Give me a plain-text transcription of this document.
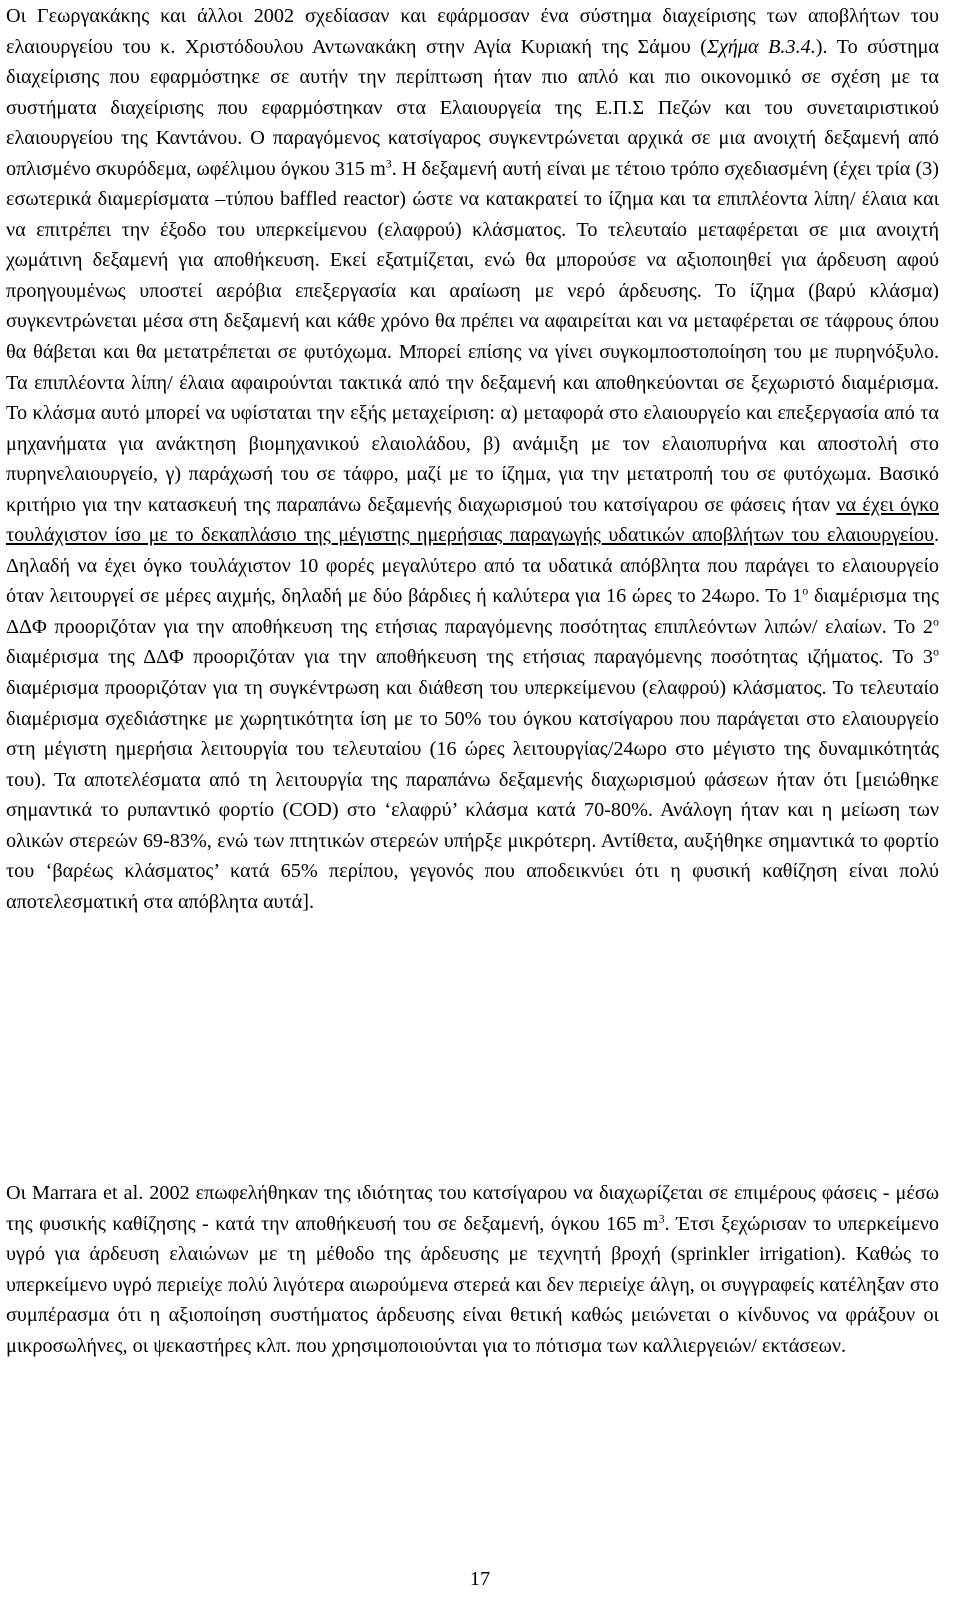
Οι Γεωργακάκης και άλλοι 2002 σχεδίασαν και εφάρμοσαν ένα σύστημα διαχείρισης των αποβλήτων του ελαιουργείου του κ. Χριστόδουλου Αντωνακάκη στην Αγία Κυριακή της Σάμου (Σχήμα Β.3.4.). Το σύστημα διαχείρισης που εφαρμόστηκε σε αυτήν την περίπτωση ήταν πιο απλό και πιο οικονομικό σε σχέση με τα συστήματα διαχείρισης που εφαρμόστηκαν στα Ελαιουργεία της Ε.Π.Σ Πεζών και του συνεταιριστικού ελαιουργείου της Καντάνου. Ο παραγόμενος κατσίγαρος συγκεντρώνεται αρχικά σε μια ανοιχτή δεξαμενή από οπλισμένο σκυρόδεμα, ωφέλιμου όγκου 315 $m^3$. Η δεξαμενή αυτή είναι με τέτοιο τρόπο σχεδιασμένη (έχει τρία (3) εσωτερικά διαμερίσματα –τύπου baffled reactor) ώστε να κατακρατεί το ίζημα και τα επιπλέοντα λίπη/ έλαια και να επιτρέπει την έξοδο του υπερκείμενου (ελαφρού) κλάσματος. Το τελευταίο μεταφέρεται σε μια ανοιχτή χωμάτινη δεξαμενή για αποθήκευση. Εκεί εξατμίζεται, ενώ θα μπορούσε να αξιοποιηθεί για άρδευση αφού προηγουμένως υποστεί αερόβια επεξεργασία και αραίωση με νερό άρδευσης. Το ίζημα (βαρύ κλάσμα) συγκεντρώνεται μέσα στη δεξαμενή και κάθε χρόνο θα πρέπει να αφαιρείται και να μεταφέρεται σε τάφρους όπου θα θάβεται και θα μετατρέπεται σε φυτόχωμα. Μπορεί επίσης να γίνει συγκομποστοποίηση του με πυρηνόξυλο. Τα επιπλέοντα λίπη/ έλαια αφαιρούνται τακτικά από την δεξαμενή και αποθηκεύονται σε ξεχωριστό διαμέρισμα. Το κλάσμα αυτό μπορεί να υφίσταται την εξής μεταχείριση: α) μεταφορά στο ελαιουργείο και επεξεργασία από τα μηχανήματα για ανάκτηση βιομηχανικού ελαιολάδου, β) ανάμιξη με τον ελαιοπυρήνα και αποστολή στο πυρηνελαιουργείο, γ) παράχωσή του σε τάφρο, μαζί με το ίζημα, για την μετατροπή του σε φυτόχωμα. Βασικό κριτήριο για την κατασκευή της παραπάνω δεξαμενής διαχωρισμού του κατσίγαρου σε φάσεις ήταν να έχει όγκο τουλάχιστον ίσο με το δεκαπλάσιο της μέγιστης ημερήσιας παραγωγής υδατικών αποβλήτων του ελαιουργείου. Δηλαδή να έχει όγκο τουλάχιστον 10 φορές μεγαλύτερο από τα υδατικά απόβλητα που παράγει το ελαιουργείο όταν λειτουργεί σε μέρες αιχμής, δηλαδή με δύο βάρδιες ή καλύτερα για 16 ώρες το 24ωρο. Το $1^o$ διαμέρισμα της ΔΔΦ προοριζόταν για την αποθήκευση της ετήσιας παραγόμενης ποσότητας επιπλεόντων λιπών/ ελαίων. Το $2^o$ διαμέρισμα της ΔΔΦ προοριζόταν για την αποθήκευση της ετήσιας παραγόμενης ποσότητας ιζήματος. Το $3^o$ διαμέρισμα προοριζόταν για τη συγκέντρωση και διάθεση του υπερκείμενου (ελαφρού) κλάσματος. Το τελευταίο διαμέρισμα σχεδιάστηκε με χωρητικότητα ίση με το 50% του όγκου κατσίγαρου που παράγεται στο ελαιουργείο στη μέγιστη ημερήσια λειτουργία του τελευταίου (16 ώρες λειτουργίας/24ωρο στο μέγιστο της δυναμικότητάς του). Τα αποτελέσματα από τη λειτουργία της παραπάνω δεξαμενής διαχωρισμού φάσεων ήταν ότι [μειώθηκε σημαντικά το ρυπαντικό φορτίο (COD) στο ‘ελαφρύ’ κλάσμα κατά 70-80%. Ανάλογη ήταν και η μείωση των ολικών στερεών 69-83%, ενώ των πτητικών στερεών υπήρξε μικρότερη. Αντίθετα, αυξήθηκε σημαντικά το φορτίο του ‘βαρέως κλάσματος’ κατά 65% περίπου, γεγονός που αποδεικνύει ότι η φυσική καθίζηση είναι πολύ αποτελεσματική στα απόβλητα αυτά].

Οι Marrara et al. 2002 επωφελήθηκαν της ιδιότητας του κατσίγαρου να διαχωρίζεται σε επιμέρους φάσεις - μέσω της φυσικής καθίζησης - κατά την αποθήκευσή του σε δεξαμενή, όγκου 165 $m^3$. Έτσι ξεχώρισαν το υπερκείμενο υγρό για άρδευση ελαιώνων με τη μέθοδο της άρδευσης με τεχνητή βροχή (sprinkler irrigation). Καθώς το υπερκείμενο υγρό περιείχε πολύ λιγότερα αιωρούμενα στερεά και δεν περιείχε άλγη, οι συγγραφείς κατέληξαν στο συμπέρασμα ότι η αξιοποίηση συστήματος άρδευσης είναι θετική καθώς μειώνεται ο κίνδυνος να φράξουν οι μικροσωλήνες, οι ψεκαστήρες κλπ. που χρησιμοποιούνται για το πότισμα των καλλιεργειών/ εκτάσεων.

17
